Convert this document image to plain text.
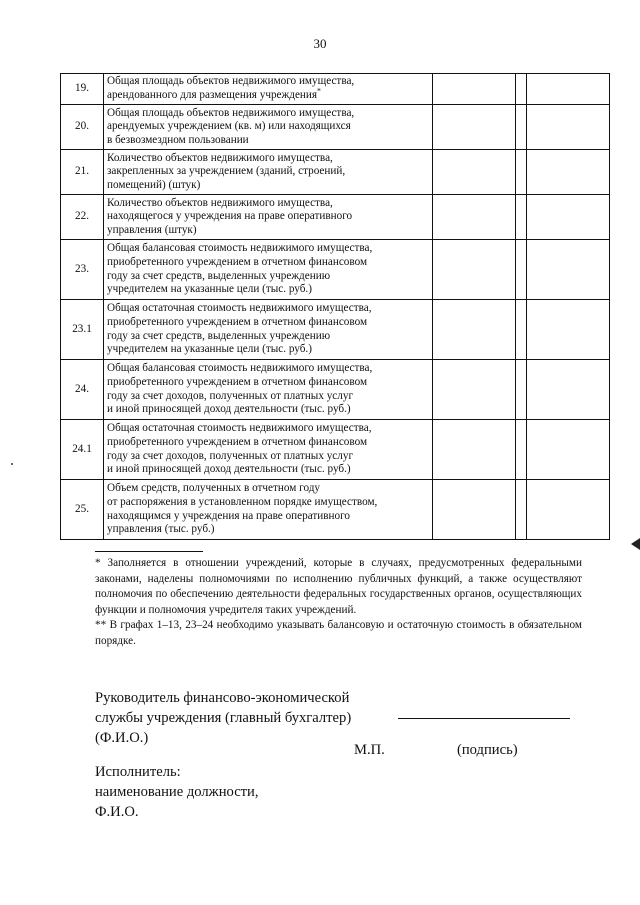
30
19.	Общая площадь объектов недвижимого имущества,
арендованного для размещения учреждения*

20.	Общая площадь объектов недвижимого имущества,
арендуемых учреждением (кв. м) или находящихся
в безвозмездном пользовании			

21.	Количество объектов недвижимого имущества,
закрепленных за учреждением (зданий, строений,
помещений) (штук)			

22.	Количество объектов недвижимого имущества,
находящегося у учреждения на праве оперативного
управления (штук)			

23.	Общая балансовая стоимость недвижимого имущества,
приобретенного учреждением в отчетном финансовом
году за счет средств, выделенных учреждению
учредителем на указанные цели (тыс. руб.)			

23.1	Общая остаточная стоимость недвижимого имущества,
приобретенного учреждением в отчетном финансовом
году за счет средств, выделенных учреждению
учредителем на указанные цели (тыс. руб.)			

24.	Общая балансовая стоимость недвижимого имущества,
приобретенного учреждением в отчетном финансовом
году за счет доходов, полученных от платных услуг
и иной приносящей доход деятельности (тыс. руб.)			

24.1	Общая остаточная стоимость недвижимого имущества,
приобретенного учреждением в отчетном финансовом
году за счет доходов, полученных от платных услуг
и иной приносящей доход деятельности (тыс. руб.)			

25.	Объем средств, полученных в отчетном году
от распоряжения в установленном порядке имуществом,
находящимся у учреждения на праве оперативного
управления (тыс. руб.)			

* Заполняется в отношении учреждений, которые в случаях, предусмотренных федеральными законами, наделены полномочиями по исполнению публичных функций, а также осуществляют полномочия по обеспечению деятельности федеральных государственных органов, осуществляющих функции и полномочия учредителя таких учреждений.

** В графах 1–13, 23–24 необходимо указывать балансовую и остаточную стоимость в обязательном порядке.

Руководитель финансово-экономической
службы учреждения (главный бухгалтер)
(Ф.И.О.)
М.П.	(подпись)
Исполнитель:
наименование должности,
Ф.И.О.
